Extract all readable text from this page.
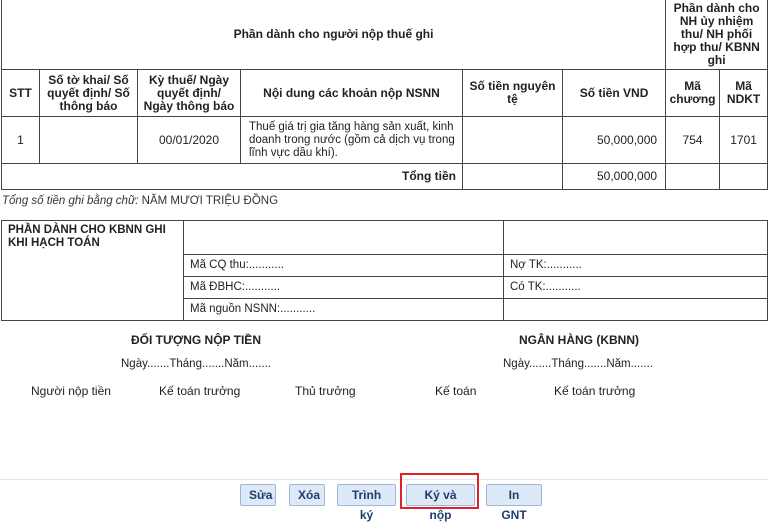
Phần dành cho người nộp thuế ghi						Phần dành cho NH ủy nhiệm thu/ NH phối hợp thu/ KBNN ghi	
STT	Số tờ khai/ Số quyết định/ Số thông báo	Kỳ thuế/ Ngày quyết định/ Ngày thông báo	Nội dung các khoản nộp NSNN	Số tiền nguyên tệ	Số tiền VND	Mã chương	Mã NDKT
1		00/01/2020	Thuế giá trị gia tăng hàng sản xuất, kinh doanh trong nước (gồm cả dịch vụ trong lĩnh vực dầu khí).		50,000,000	754	1701
Tổng tiền					50,000,000		
Tổng số tiền ghi bằng chữ: NĂM MƯƠI TRIỆU ĐỒNG
PHẦN DÀNH CHO KBNN GHI KHI HẠCH TOÁN		
	Mã CQ thu:...........	Nợ TK:...........
	Mã ĐBHC:...........	Có TK:...........
	Mã nguồn NSNN:...........	
ĐỐI TƯỢNG NỘP TIỀN	NGÂN HÀNG (KBNN)
Ngày.......Tháng.......Năm.......	Ngày.......Tháng.......Năm.......
Người nộp tiền	Kế toán trưởng	Thủ trưởng	Kế toán	Kế toán trưởng
Sửa	Xóa	Trình ký
Ký và nộp
In GNT
